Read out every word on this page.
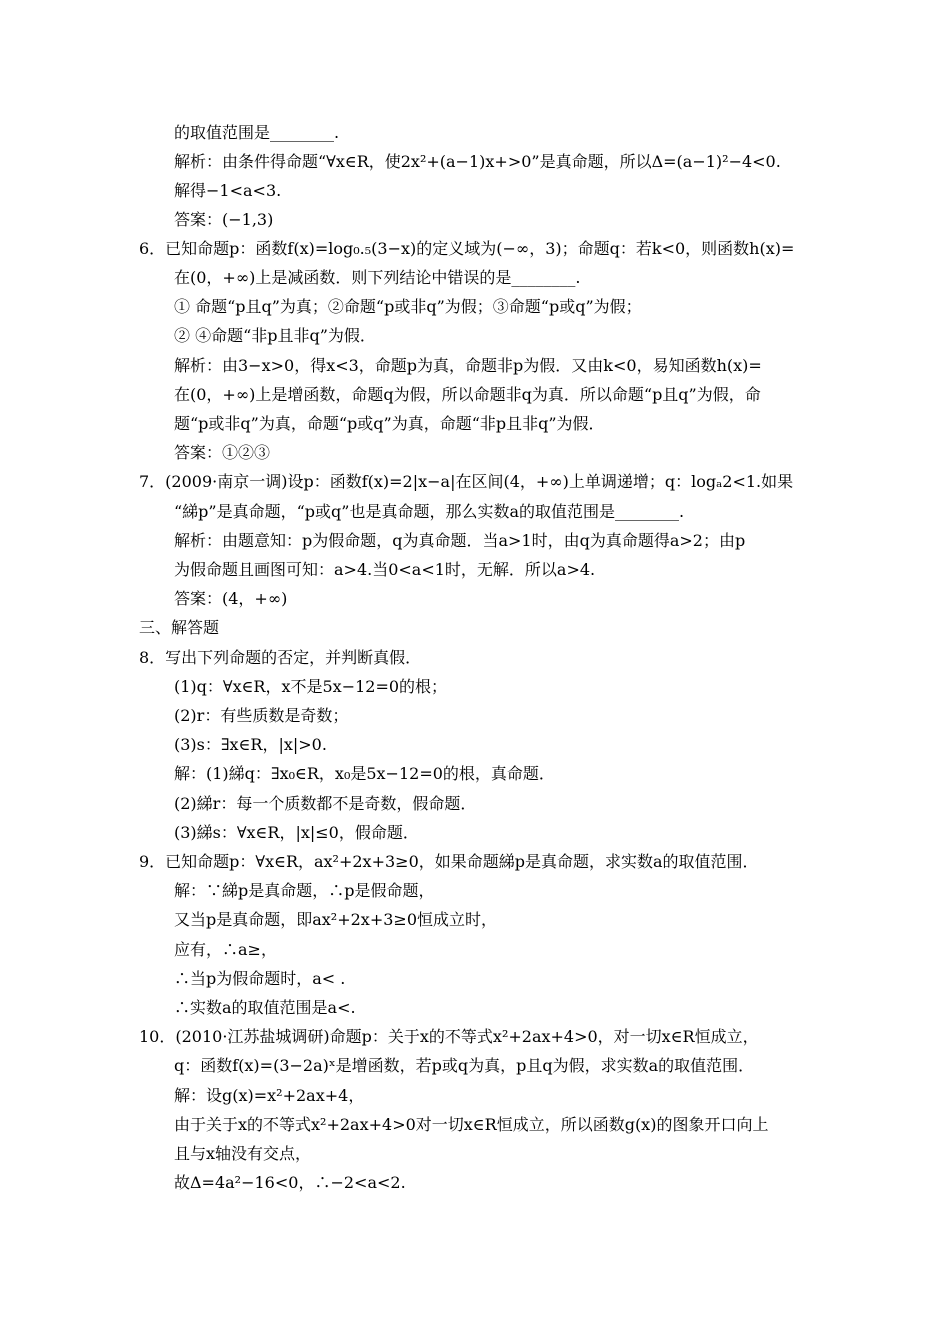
的取值范围是________.
解析：由条件得命题“∀x∈R，使2x²+(a−1)x+>0”是真命题，所以Δ=(a−1)²−4<0.
解得−1<a<3.
答案：(−1,3)
6．已知命题p：函数f(x)=log₀.₅(3−x)的定义域为(−∞，3)；命题q：若k<0，则函数h(x)=
在(0，+∞)上是减函数．则下列结论中错误的是________.
① 命题“p且q”为真；②命题“p或非q”为假；③命题“p或q”为假；
② ④命题“非p且非q”为假．
解析：由3−x>0，得x<3，命题p为真，命题非p为假．又由k<0，易知函数h(x)=
在(0，+∞)上是增函数，命题q为假，所以命题非q为真．所以命题“p且q”为假，命
题“p或非q”为真，命题“p或q”为真，命题“非p且非q”为假．
答案：①②③
7．(2009·南京一调)设p：函数f(x)=2|x−a|在区间(4，+∞)上单调递增；q：logₐ2<1.如果
“綈p”是真命题，“p或q”也是真命题，那么实数a的取值范围是________.
解析：由题意知：p为假命题，q为真命题．当a>1时，由q为真命题得a>2；由p
为假命题且画图可知：a>4.当0<a<1时，无解．所以a>4.
答案：(4，+∞)
三、解答题
8．写出下列命题的否定，并判断真假．
(1)q：∀x∈R，x不是5x−12=0的根；
(2)r：有些质数是奇数；
(3)s：∃x∈R，|x|>0.
解：(1)綈q：∃x₀∈R，x₀是5x−12=0的根，真命题．
(2)綈r：每一个质数都不是奇数，假命题．
(3)綈s：∀x∈R，|x|≤0，假命题．
9．已知命题p：∀x∈R，ax²+2x+3≥0，如果命题綈p是真命题，求实数a的取值范围．
解：∵綈p是真命题，∴p是假命题，
又当p是真命题，即ax²+2x+3≥0恒成立时，
应有，∴a≥，
∴当p为假命题时，a< .
∴实数a的取值范围是a<.
10．(2010·江苏盐城调研)命题p：关于x的不等式x²+2ax+4>0，对一切x∈R恒成立，
q：函数f(x)=(3−2a)ˣ是增函数，若p或q为真，p且q为假，求实数a的取值范围．
解：设g(x)=x²+2ax+4，
由于关于x的不等式x²+2ax+4>0对一切x∈R恒成立，所以函数g(x)的图象开口向上
且与x轴没有交点，
故Δ=4a²−16<0，∴−2<a<2.
